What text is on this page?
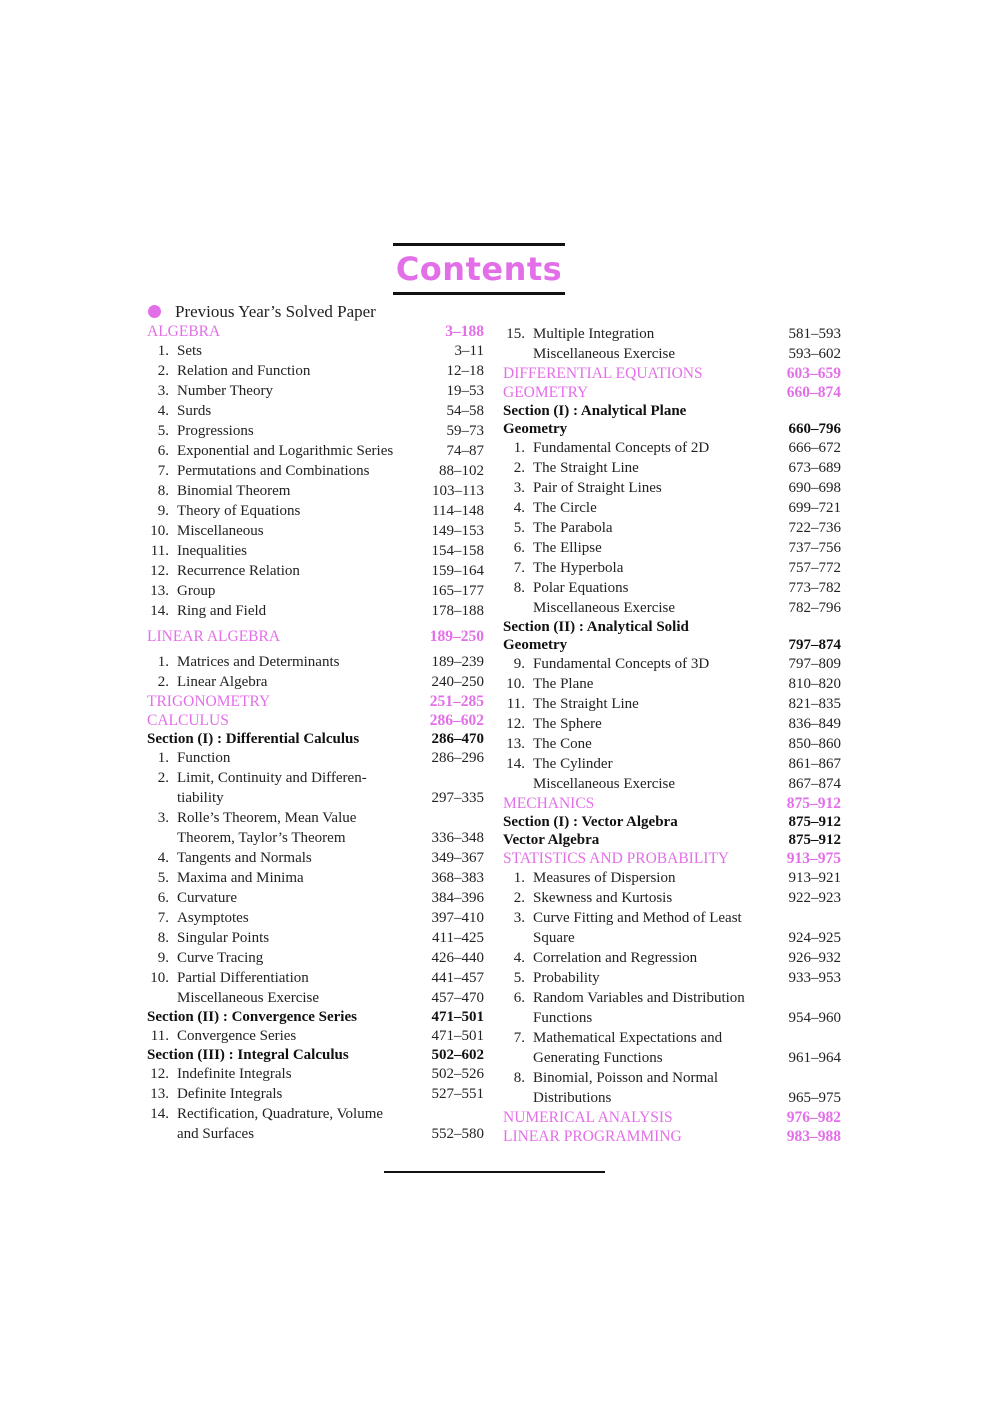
Contents
Previous Year’s Solved Paper
ALGEBRA	3–188
1. Sets	3–11
2. Relation and Function	12–18
3. Number Theory	19–53
4. Surds	54–58
5. Progressions	59–73
6. Exponential and Logarithmic Series	74–87
7. Permutations and Combinations	88–102
8. Binomial Theorem	103–113
9. Theory of Equations	114–148
10. Miscellaneous	149–153
11. Inequalities	154–158
12. Recurrence Relation	159–164
13. Group	165–177
14. Ring and Field	178–188
LINEAR ALGEBRA	189–250
1. Matrices and Determinants	189–239
2. Linear Algebra	240–250
TRIGONOMETRY	251–285
CALCULUS	286–602
Section (I) : Differential Calculus	286–470
1. Function	286–296
2. Limit, Continuity and Differen-
tiability	297–335
3. Rolle’s Theorem, Mean Value
Theorem, Taylor’s Theorem	336–348
4. Tangents and Normals	349–367
5. Maxima and Minima	368–383
6. Curvature	384–396
7. Asymptotes	397–410
8. Singular Points	411–425
9. Curve Tracing	426–440
10. Partial Differentiation	441–457
Miscellaneous Exercise	457–470
Section (II) : Convergence Series	471–501
11. Convergence Series	471–501
Section (III) : Integral Calculus	502–602
12. Indefinite Integrals	502–526
13. Definite Integrals	527–551
14. Rectification, Quadrature, Volume
and Surfaces	552–580
15. Multiple Integration	581–593
Miscellaneous Exercise	593–602
DIFFERENTIAL EQUATIONS	603–659
GEOMETRY	660–874
Section (I) : Analytical Plane
Geometry	660–796
1. Fundamental Concepts of 2D	666–672
2. The Straight Line	673–689
3. Pair of Straight Lines	690–698
4. The Circle	699–721
5. The Parabola	722–736
6. The Ellipse	737–756
7. The Hyperbola	757–772
8. Polar Equations	773–782
Miscellaneous Exercise	782–796
Section (II) : Analytical Solid
Geometry	797–874
9. Fundamental Concepts of 3D	797–809
10. The Plane	810–820
11. The Straight Line	821–835
12. The Sphere	836–849
13. The Cone	850–860
14. The Cylinder	861–867
Miscellaneous Exercise	867–874
MECHANICS	875–912
Section (I) : Vector Algebra	875–912
Vector Algebra	875–912
STATISTICS AND PROBABILITY	913–975
1. Measures of Dispersion	913–921
2. Skewness and Kurtosis	922–923
3. Curve Fitting and Method of Least
Square	924–925
4. Correlation and Regression	926–932
5. Probability	933–953
6. Random Variables and Distribution
Functions	954–960
7. Mathematical Expectations and
Generating Functions	961–964
8. Binomial, Poisson and Normal
Distributions	965–975
NUMERICAL ANALYSIS	976–982
LINEAR PROGRAMMING	983–988
